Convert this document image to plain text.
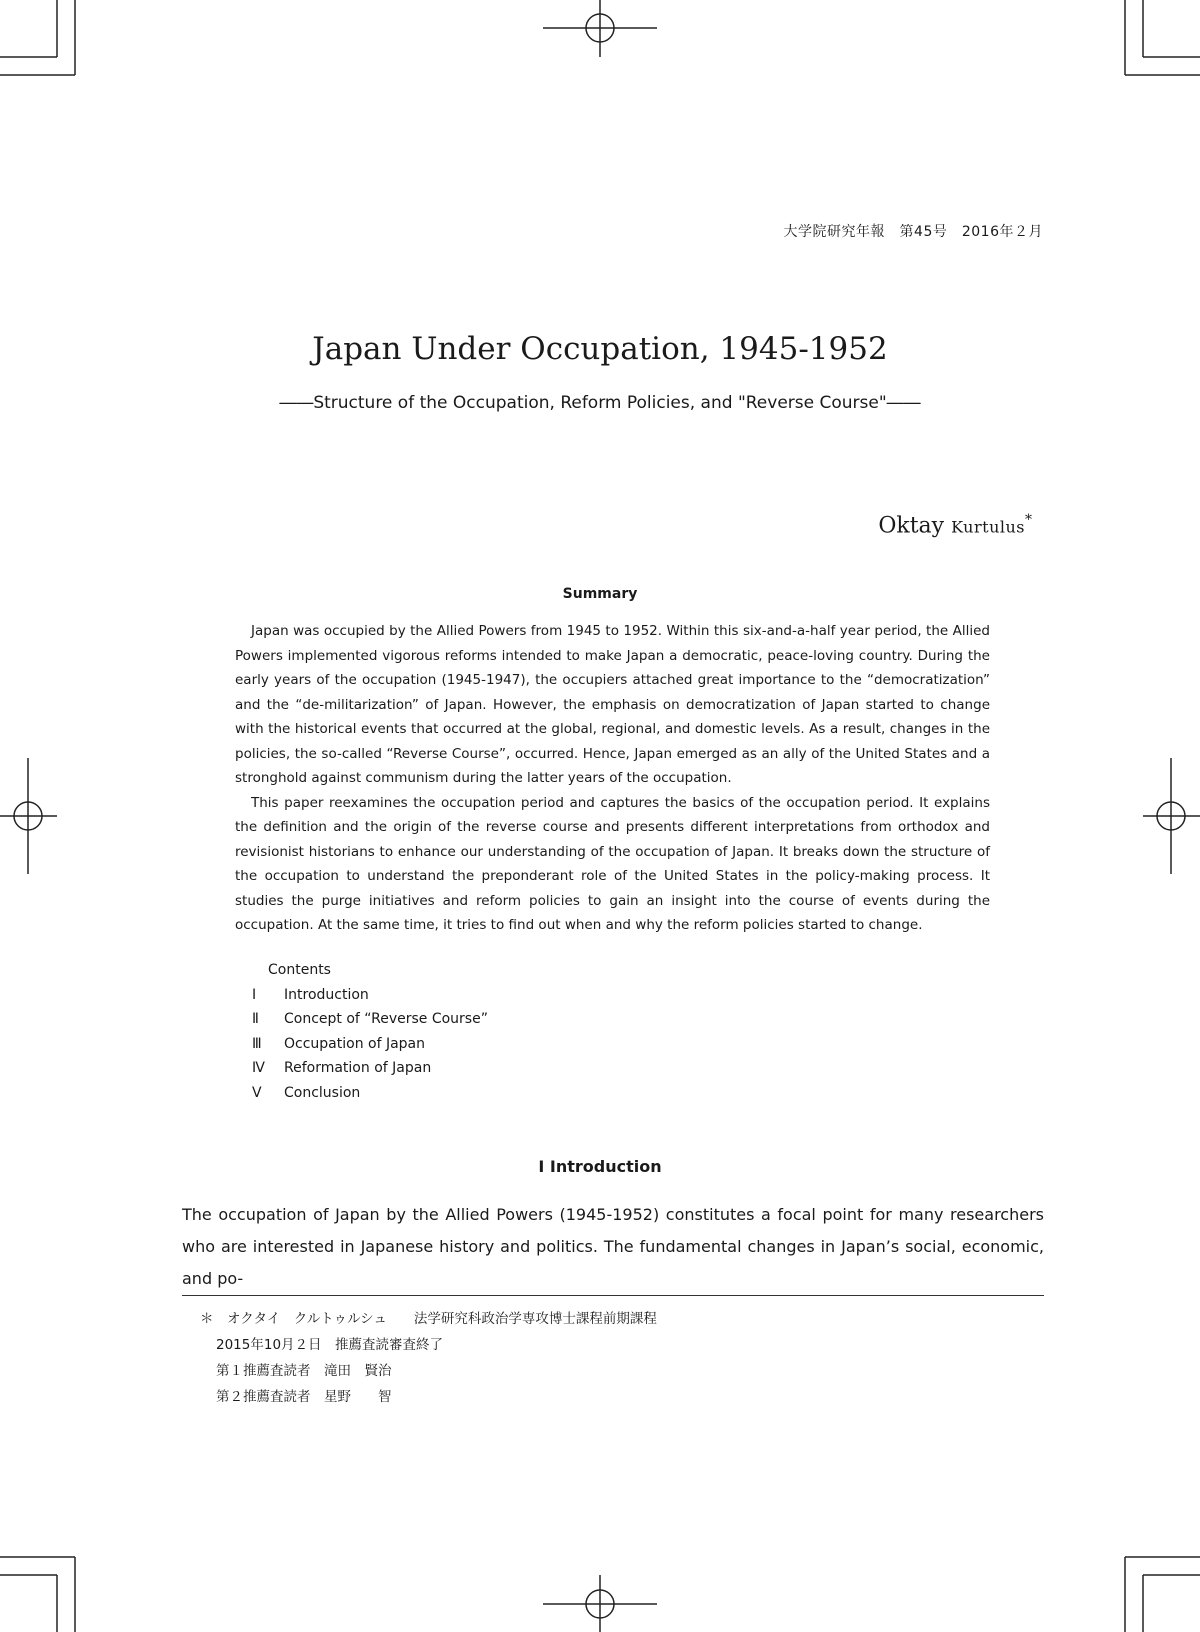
大学院研究年報　第45号　2016年２月
Japan Under Occupation, 1945-1952
――Structure of the Occupation, Reform Policies, and "Reverse Course"――
Oktay Kurtulus*
Summary

Japan was occupied by the Allied Powers from 1945 to 1952. Within this six-and-a-half year period, the Allied Powers implemented vigorous reforms intended to make Japan a democratic, peace-loving country. During the early years of the occupation (1945-1947), the occupiers attached great importance to the “democratization” and the “de-militarization” of Japan. However, the emphasis on democratization of Japan started to change with the historical events that occurred at the global, regional, and domestic levels. As a result, changes in the policies, the so-called “Reverse Course”, occurred. Hence, Japan emerged as an ally of the United States and a stronghold against communism during the latter years of the occupation.

This paper reexamines the occupation period and captures the basics of the occupation period. It explains the definition and the origin of the reverse course and presents different interpretations from orthodox and revisionist historians to enhance our understanding of the occupation of Japan. It breaks down the structure of the occupation to understand the preponderant role of the United States in the policy-making process. It studies the purge initiatives and reform policies to gain an insight into the course of events during the occupation. At the same time, it tries to find out when and why the reform policies started to change.

Contents
Ⅰ	Introduction
Ⅱ	Concept of “Reverse Course”
Ⅲ	Occupation of Japan
Ⅳ	Reformation of Japan
Ⅴ	Conclusion
Ⅰ Introduction

The occupation of Japan by the Allied Powers (1945-1952) constitutes a focal point for many researchers who are interested in Japanese history and politics. The fundamental changes in Japan’s social, economic, and po-

＊　オクタイ　クルトゥルシュ　　法学研究科政治学専攻博士課程前期課程
2015年10月２日　推薦査読審査終了
第１推薦査読者　滝田　賢治
第２推薦査読者　星野　　智
